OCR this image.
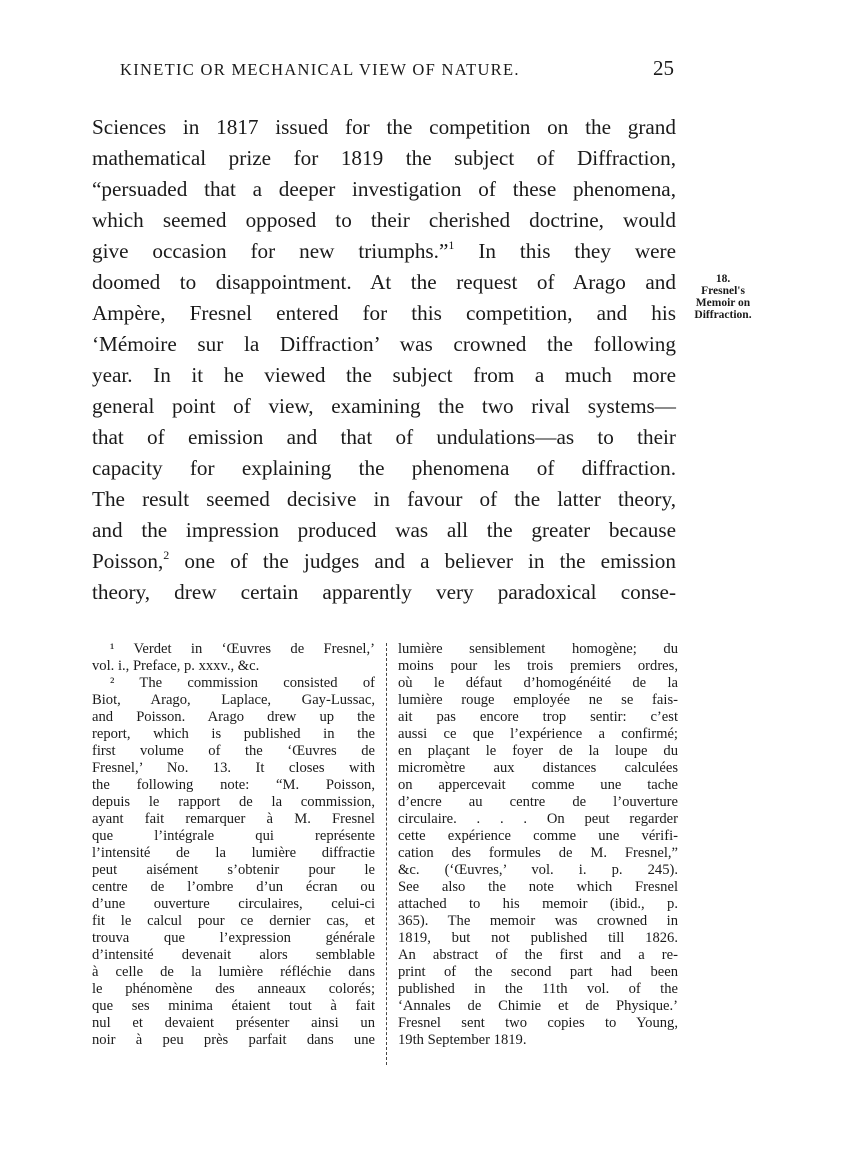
KINETIC OR MECHANICAL VIEW OF NATURE.	25
Sciences in 1817 issued for the competition on the grand
mathematical prize for 1819 the subject of Diffraction,
“persuaded that a deeper investigation of these phenomena,
which seemed opposed to their cherished doctrine, would
give occasion for new triumphs.”$^1$ In this they were
doomed to disappointment. At the request of Arago and
Ampère, Fresnel entered for this competition, and his
‘Mémoire sur la Diffraction’ was crowned the following
year. In it he viewed the subject from a much more
general point of view, examining the two rival systems—
that of emission and that of undulations—as to their
capacity for explaining the phenomena of diffraction.
The result seemed decisive in favour of the latter theory,
and the impression produced was all the greater because
Poisson,$^2$ one of the judges and a believer in the emission
theory, drew certain apparently very paradoxical conse-
18.
Fresnel's
Memoir on
Diffraction.
¹ Verdet in ‘Œuvres de Fresnel,’
vol. i., Preface, p. xxxv., &c.
² The commission consisted of
Biot, Arago, Laplace, Gay-Lussac,
and Poisson. Arago drew up the
report, which is published in the
first volume of the ‘Œuvres de
Fresnel,’ No. 13. It closes with
the following note: “M. Poisson,
depuis le rapport de la commission,
ayant fait remarquer à M. Fresnel
que l’intégrale qui représente
l’intensité de la lumière diffractie
peut aisément s’obtenir pour le
centre de l’ombre d’un écran ou
d’une ouverture circulaires, celui-ci
fit le calcul pour ce dernier cas, et
trouva que l’expression générale
d’intensité devenait alors semblable
à celle de la lumière réfléchie dans
le phénomène des anneaux colorés;
que ses minima étaient tout à fait
nul et devaient présenter ainsi un
noir à peu près parfait dans une
lumière sensiblement homogène; du
moins pour les trois premiers ordres,
où le défaut d’homogénéité de la
lumière rouge employée ne se fais-
ait pas encore trop sentir: c’est
aussi ce que l’expérience a confirmé;
en plaçant le foyer de la loupe du
micromètre aux distances calculées
on appercevait comme une tache
d’encre au centre de l’ouverture
circulaire. . . . On peut regarder
cette expérience comme une vérifi-
cation des formules de M. Fresnel,”
&c. (‘Œuvres,’ vol. i. p. 245).
See also the note which Fresnel
attached to his memoir (ibid., p.
365). The memoir was crowned in
1819, but not published till 1826.
An abstract of the first and a re-
print of the second part had been
published in the 11th vol. of the
‘Annales de Chimie et de Physique.’
Fresnel sent two copies to Young,
19th September 1819.
